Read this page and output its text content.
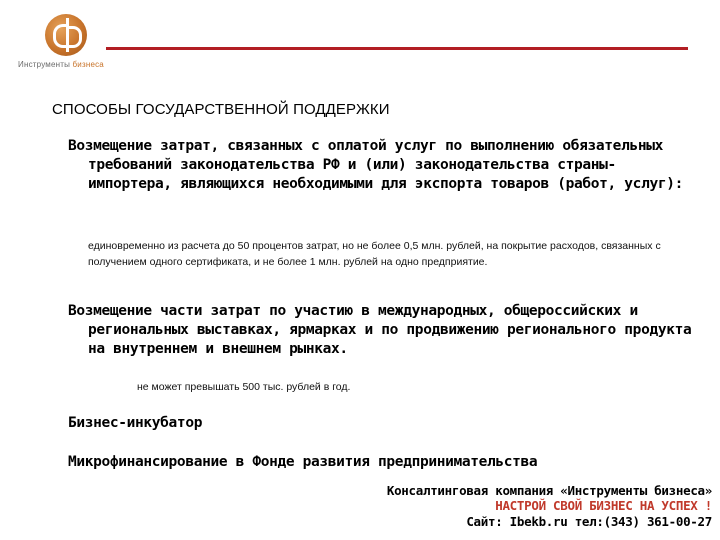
Инструменты бизнеса
СПОСОБЫ ГОСУДАРСТВЕННОЙ ПОДДЕРЖКИ
Возмещение затрат, связанных с оплатой услуг по выполнению обязательных требований законодательства РФ и (или) законодательства страны-импортера, являющихся необходимыми для экспорта товаров (работ, услуг):
единовременно из расчета до 50 процентов затрат, но не более 0,5 млн. рублей, на покрытие расходов, связанных с получением одного сертификата, и не более 1 млн. рублей на одно предприятие.
Возмещение части затрат по участию в международных, общероссийских и региональных выставках, ярмарках и по продвижению регионального продукта на внутреннем и внешнем рынках.
не может превышать 500 тыс. рублей в год.
Бизнес-инкубатор
Микрофинансирование в Фонде развития предпринимательства
Консалтинговая компания «Инструменты бизнеса»
НАСТРОЙ СВОЙ БИЗНЕС НА УСПЕХ !
Сайт: Ibekb.ru тел:(343) 361-00-27
